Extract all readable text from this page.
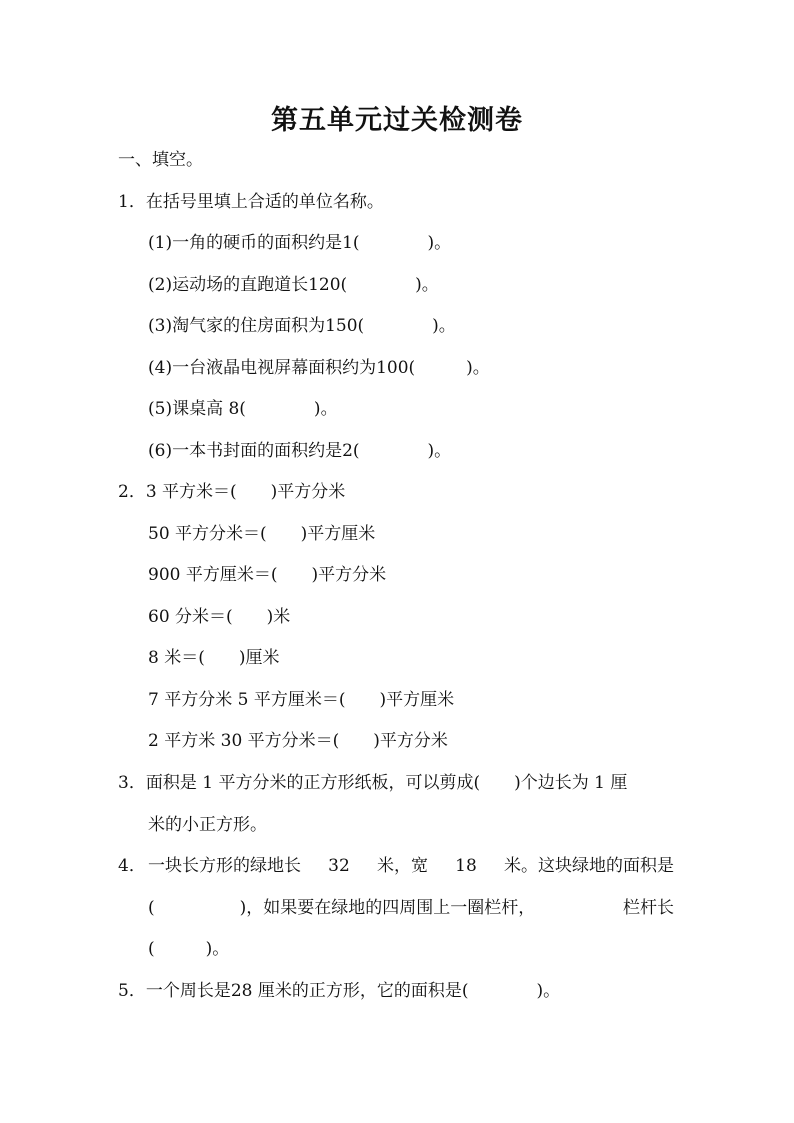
第五单元过关检测卷
一、填空。
1．在括号里填上合适的单位名称。
(1)一角的硬币的面积约是1(　　　　)。
(2)运动场的直跑道长120(　　　　)。
(3)淘气家的住房面积为150(　　　　)。
(4)一台液晶电视屏幕面积约为100(　　　)。
(5)课桌高 8(　　　　)。
(6)一本书封面的面积约是2(　　　　)。
2．3 平方米＝(　　)平方分米
50 平方分米＝(　　)平方厘米
900 平方厘米＝(　　)平方分米
60 分米＝(　　)米
8 米＝(　　)厘米
7 平方分米 5 平方厘米＝(　　)平方厘米
2 平方米 30 平方分米＝(　　)平方分米
3．面积是 1 平方分米的正方形纸板，可以剪成(　　)个边长为 1 厘
米的小正方形。
4． 一块长方形的绿地长 32 米，宽 18 米。这块绿地的面积是
(　　　　　)，如果要在绿地的四周围上一圈栏杆，	栏杆长
(　　　)。
5．一个周长是28 厘米的正方形，它的面积是(　　　　)。
